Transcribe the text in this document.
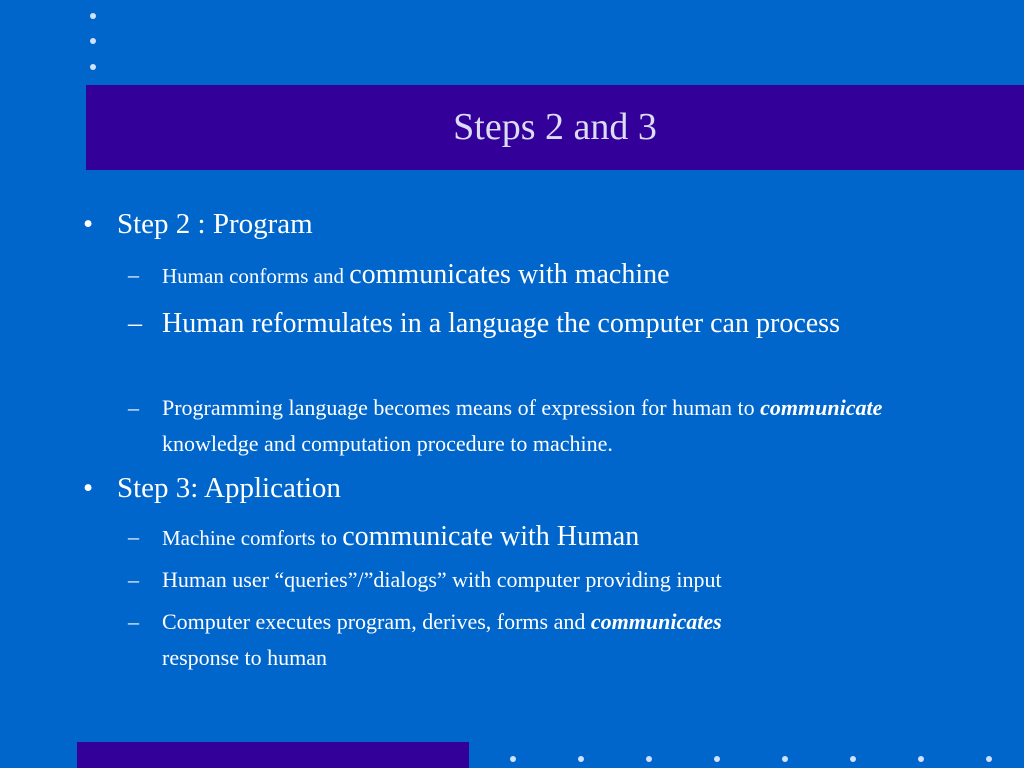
Steps 2 and 3
• Step 2 : Program
– Human conforms and communicates with machine
– Human reformulates in a language the computer can process
– Programming language becomes means of expression for human to communicate knowledge and computation procedure to machine.
• Step 3: Application
– Machine comforts to communicate with Human
– Human user “queries”/”dialogs” with computer providing input
– Computer executes program, derives, forms and communicates
response to human
